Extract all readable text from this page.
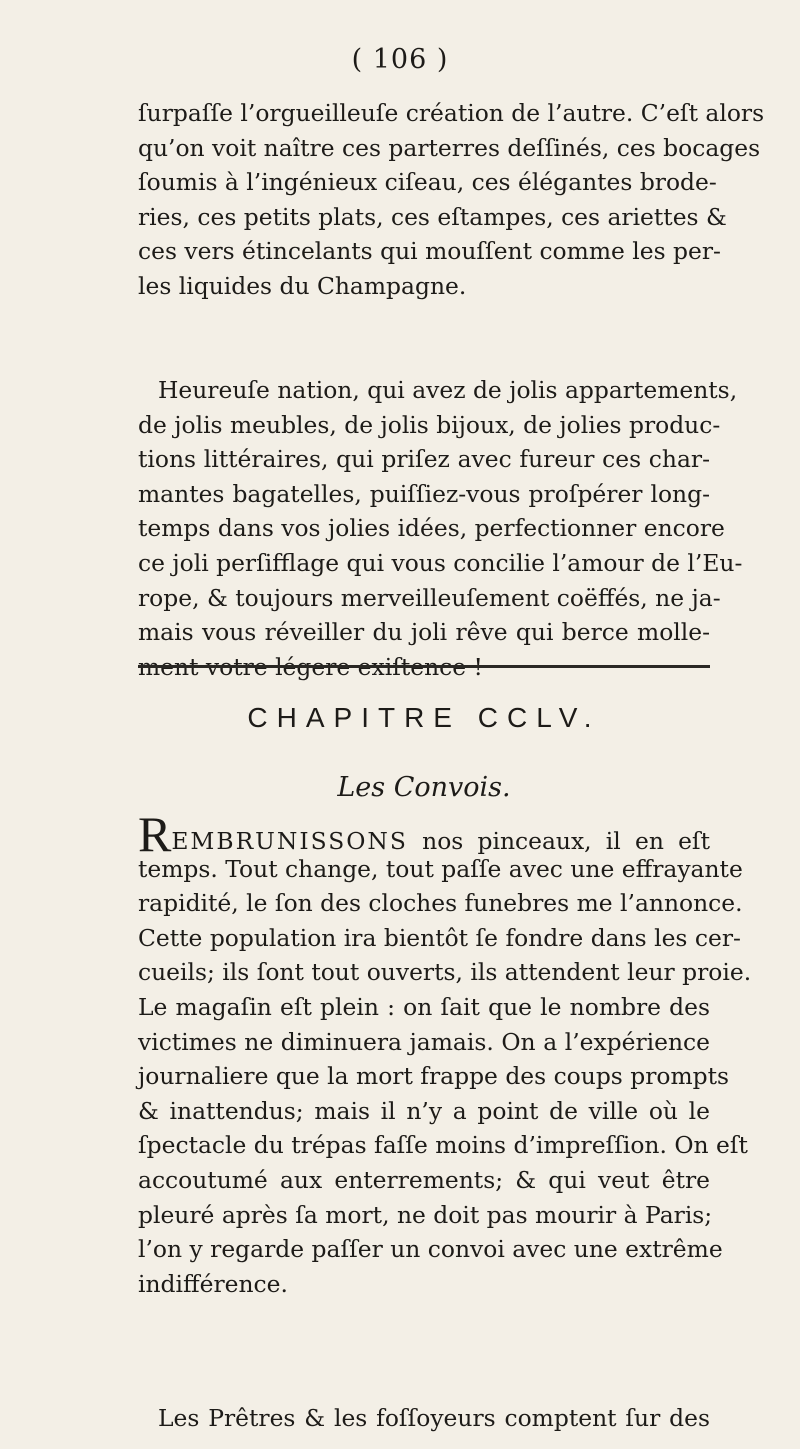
( 106 )
ſurpaſſe l’orgueilleuſe création de l’autre. C’eſt alors
qu’on voit naître ces parterres deſſinés, ces bocages
ſoumis à l’ingénieux ciſeau, ces élégantes brode-
ries, ces petits plats, ces eſtampes, ces ariettes &
ces vers étincelants qui mouſſent comme les per-
les liquides du Champagne.
Heureuſe nation, qui avez de jolis appartements,
de jolis meubles, de jolis bijoux, de jolies produc-
tions littéraires, qui priſez avec fureur ces char-
mantes bagatelles, puiſſiez-vous proſpérer long-
temps dans vos jolies idées, perfectionner encore
ce joli perſifflage qui vous concilie l’amour de l’Eu-
rope, & toujours merveilleuſement coëffés, ne ja-
mais vous réveiller du joli rêve qui berce molle-
ment votre légere exiſtence !
CHAPITRE CCLV.
Les Convois.
REMBRUNISSONS nos pinceaux, il en eſt
temps. Tout change, tout paſſe avec une effrayante
rapidité, le ſon des cloches funebres me l’annonce.
Cette population ira bientôt ſe fondre dans les cer-
cueils; ils ſont tout ouverts, ils attendent leur proie.
Le magaſin eſt plein : on ſait que le nombre des
victimes ne diminuera jamais. On a l’expérience
journaliere que la mort frappe des coups prompts
& inattendus; mais il n’y a point de ville où le
ſpectacle du trépas faſſe moins d’impreſſion. On eſt
accoutumé aux enterrements; & qui veut être
pleuré après ſa mort, ne doit pas mourir à Paris;
l’on y regarde paſſer un convoi avec une extrême
indifférence.
Les Prêtres & les foſſoyeurs comptent ſur des
